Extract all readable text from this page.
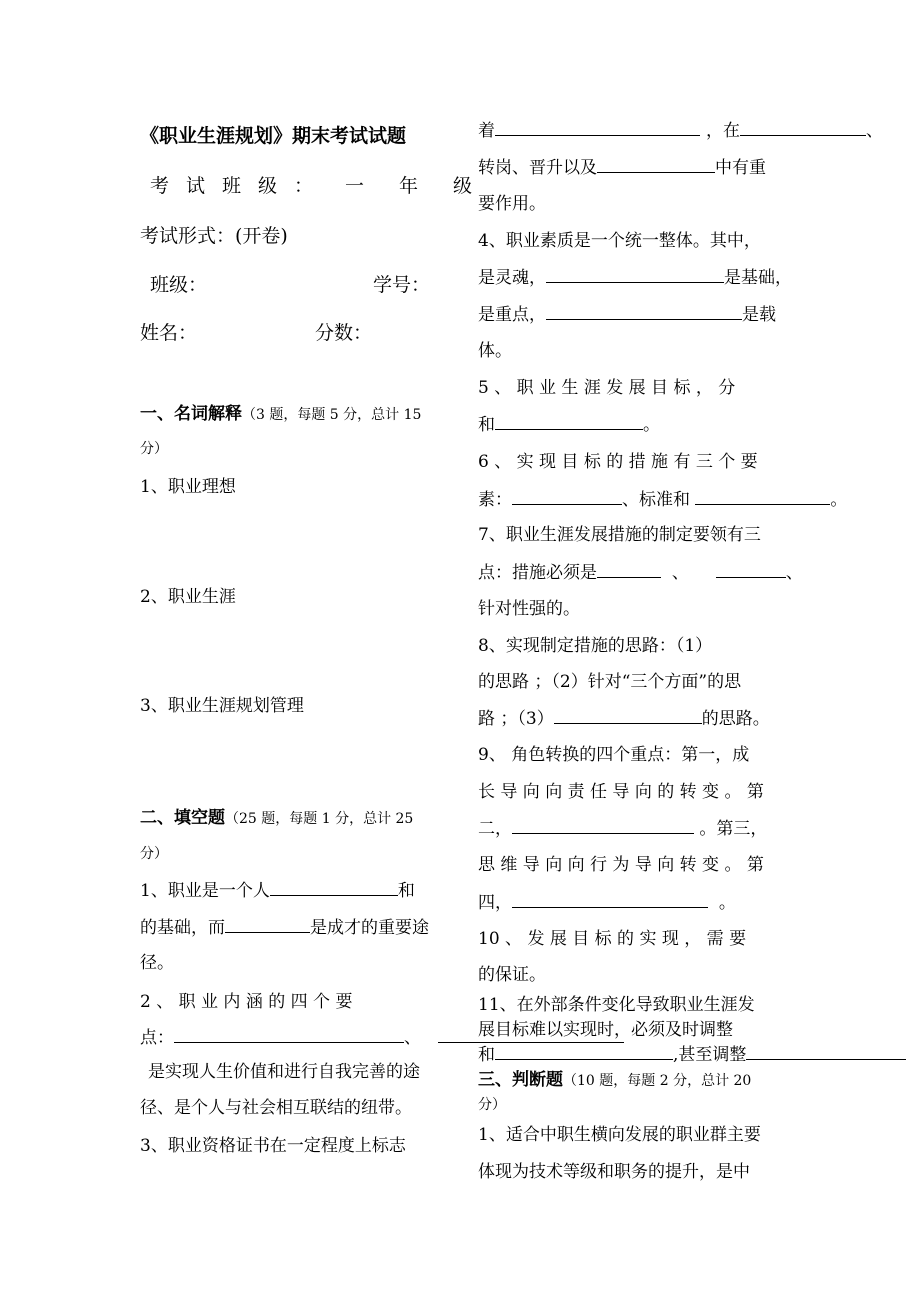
《职业生涯规划》期末考试试题
考试班级： 一年级
考试形式：(开卷)
班级：	学号：
姓名：	分数：
一、名词解释（3 题，每题 5 分，总计 15
分）
1、职业理想
2、职业生涯
3、职业生涯规划管理
二、填空题（25 题，每题 1 分，总计 25
分）
1、职业是一个人	和
的基础，而	是成才的重要途
径。
2 、 职 业 内 涵 的 四 个 要
点：	、
是实现人生价值和进行自我完善的途
径、是个人与社会相互联结的纽带。
3、职业资格证书在一定程度上标志
着	，在	、
转岗、晋升以及	中有重
要作用。
4、职业素质是一个统一整体。其中，
是灵魂，	是基础，
是重点，	是载
体。
5 、 职 业 生 涯 发 展 目 标 ， 分
和	。
6 、 实 现 目 标 的 措 施 有 三 个 要
素：	、标准和	。
7、职业生涯发展措施的制定要领有三
点：措施必须是	、	、
针对性强的。
8、实现制定措施的思路：（1）
的思路 ；（2）针对“三个方面”的思
路 ；（3）	的思路。
9、 角色转换的四个重点：第一，成
长 导 向 向 责 任 导 向 的 转 变 。 第
二，	。第三，
思 维 导 向 向 行 为 导 向 转 变 。 第
四，	。
10 、 发 展 目 标 的 实 现 ， 需 要
的保证。
11、在外部条件变化导致职业生涯发
展目标难以实现时，必须及时调整
和	,甚至调整
三、判断题（10 题，每题 2 分，总计 20
分）
1、适合中职生横向发展的职业群主要
体现为技术等级和职务的提升，是中
